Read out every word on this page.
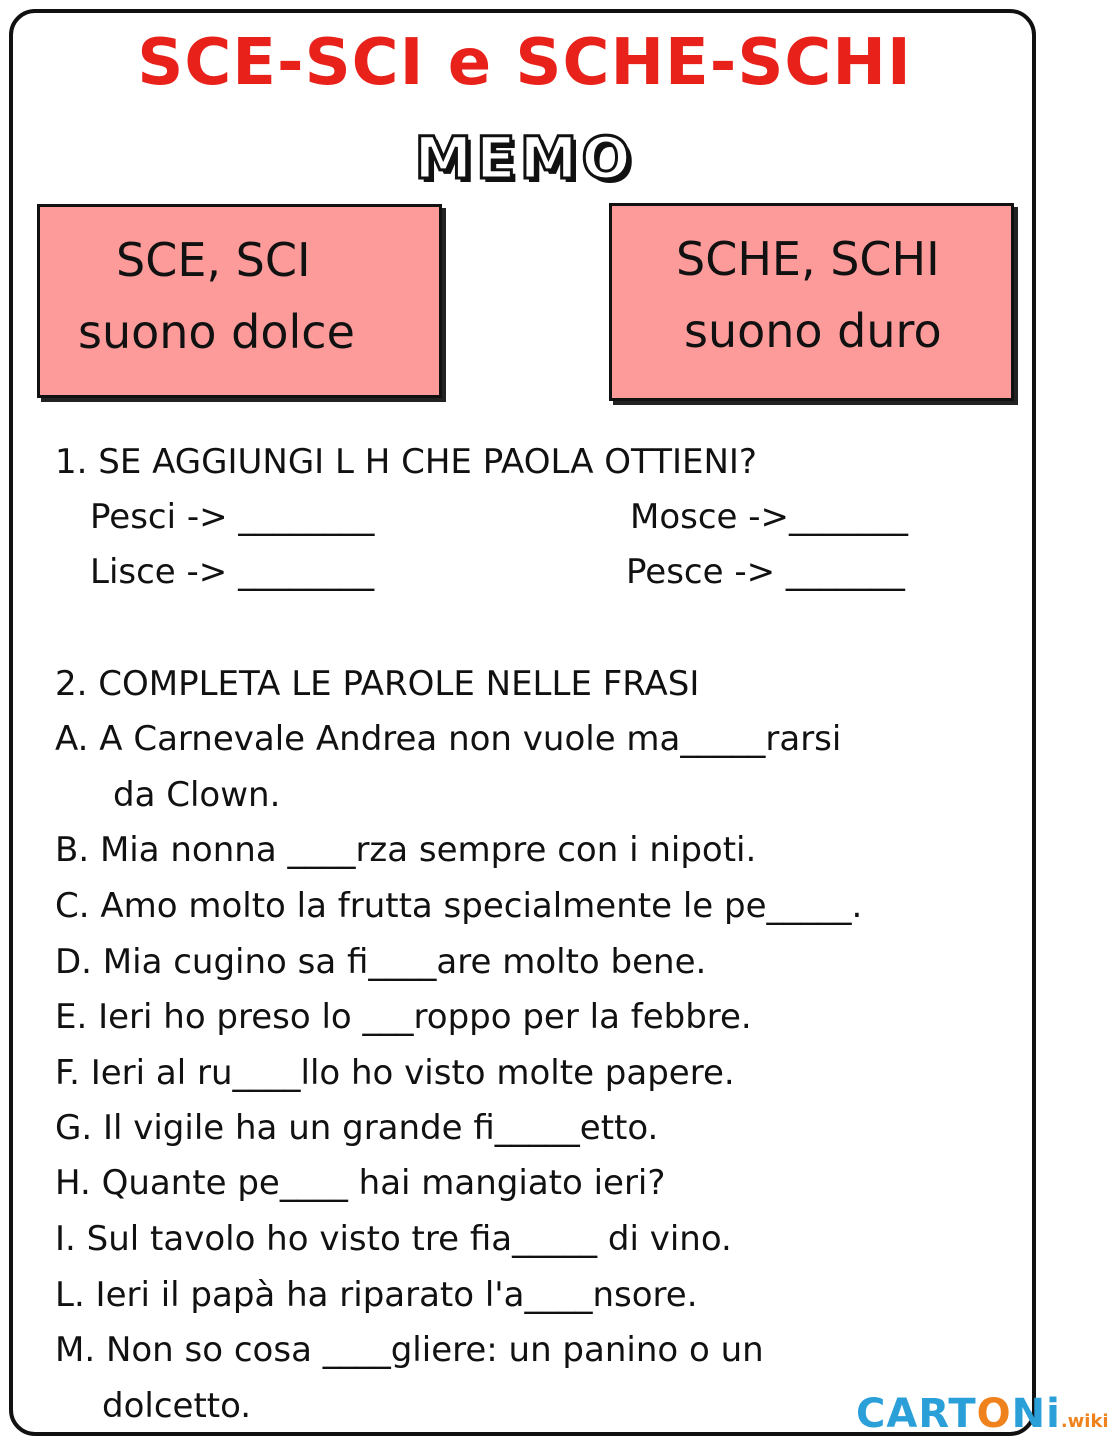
SCE-SCI e SCHE-SCHI
MEMO
SCE, SCI
suono dolce
SCHE, SCHI
suono duro
1. SE AGGIUNGI L H CHE PAOLA OTTIENI?
Pesci -> ________	Mosce ->_______
Lisce -> ________	Pesce -> _______
2. COMPLETA LE PAROLE NELLE FRASI
A. A Carnevale Andrea non vuole ma_____rarsi
da Clown.
B. Mia nonna ____rza sempre con i nipoti.
C. Amo molto la frutta specialmente le pe_____.
D. Mia cugino sa fi____are molto bene.
E. Ieri ho preso lo ___roppo per la febbre.
F. Ieri al ru____llo ho visto molte papere.
G. Il vigile ha un grande fi_____etto.
H. Quante pe____ hai mangiato ieri?
I. Sul tavolo ho visto tre fia_____ di vino.
L. Ieri il papà ha riparato l'a____nsore.
M. Non so cosa ____gliere: un panino o un
dolcetto.	CARTONi.wiki
